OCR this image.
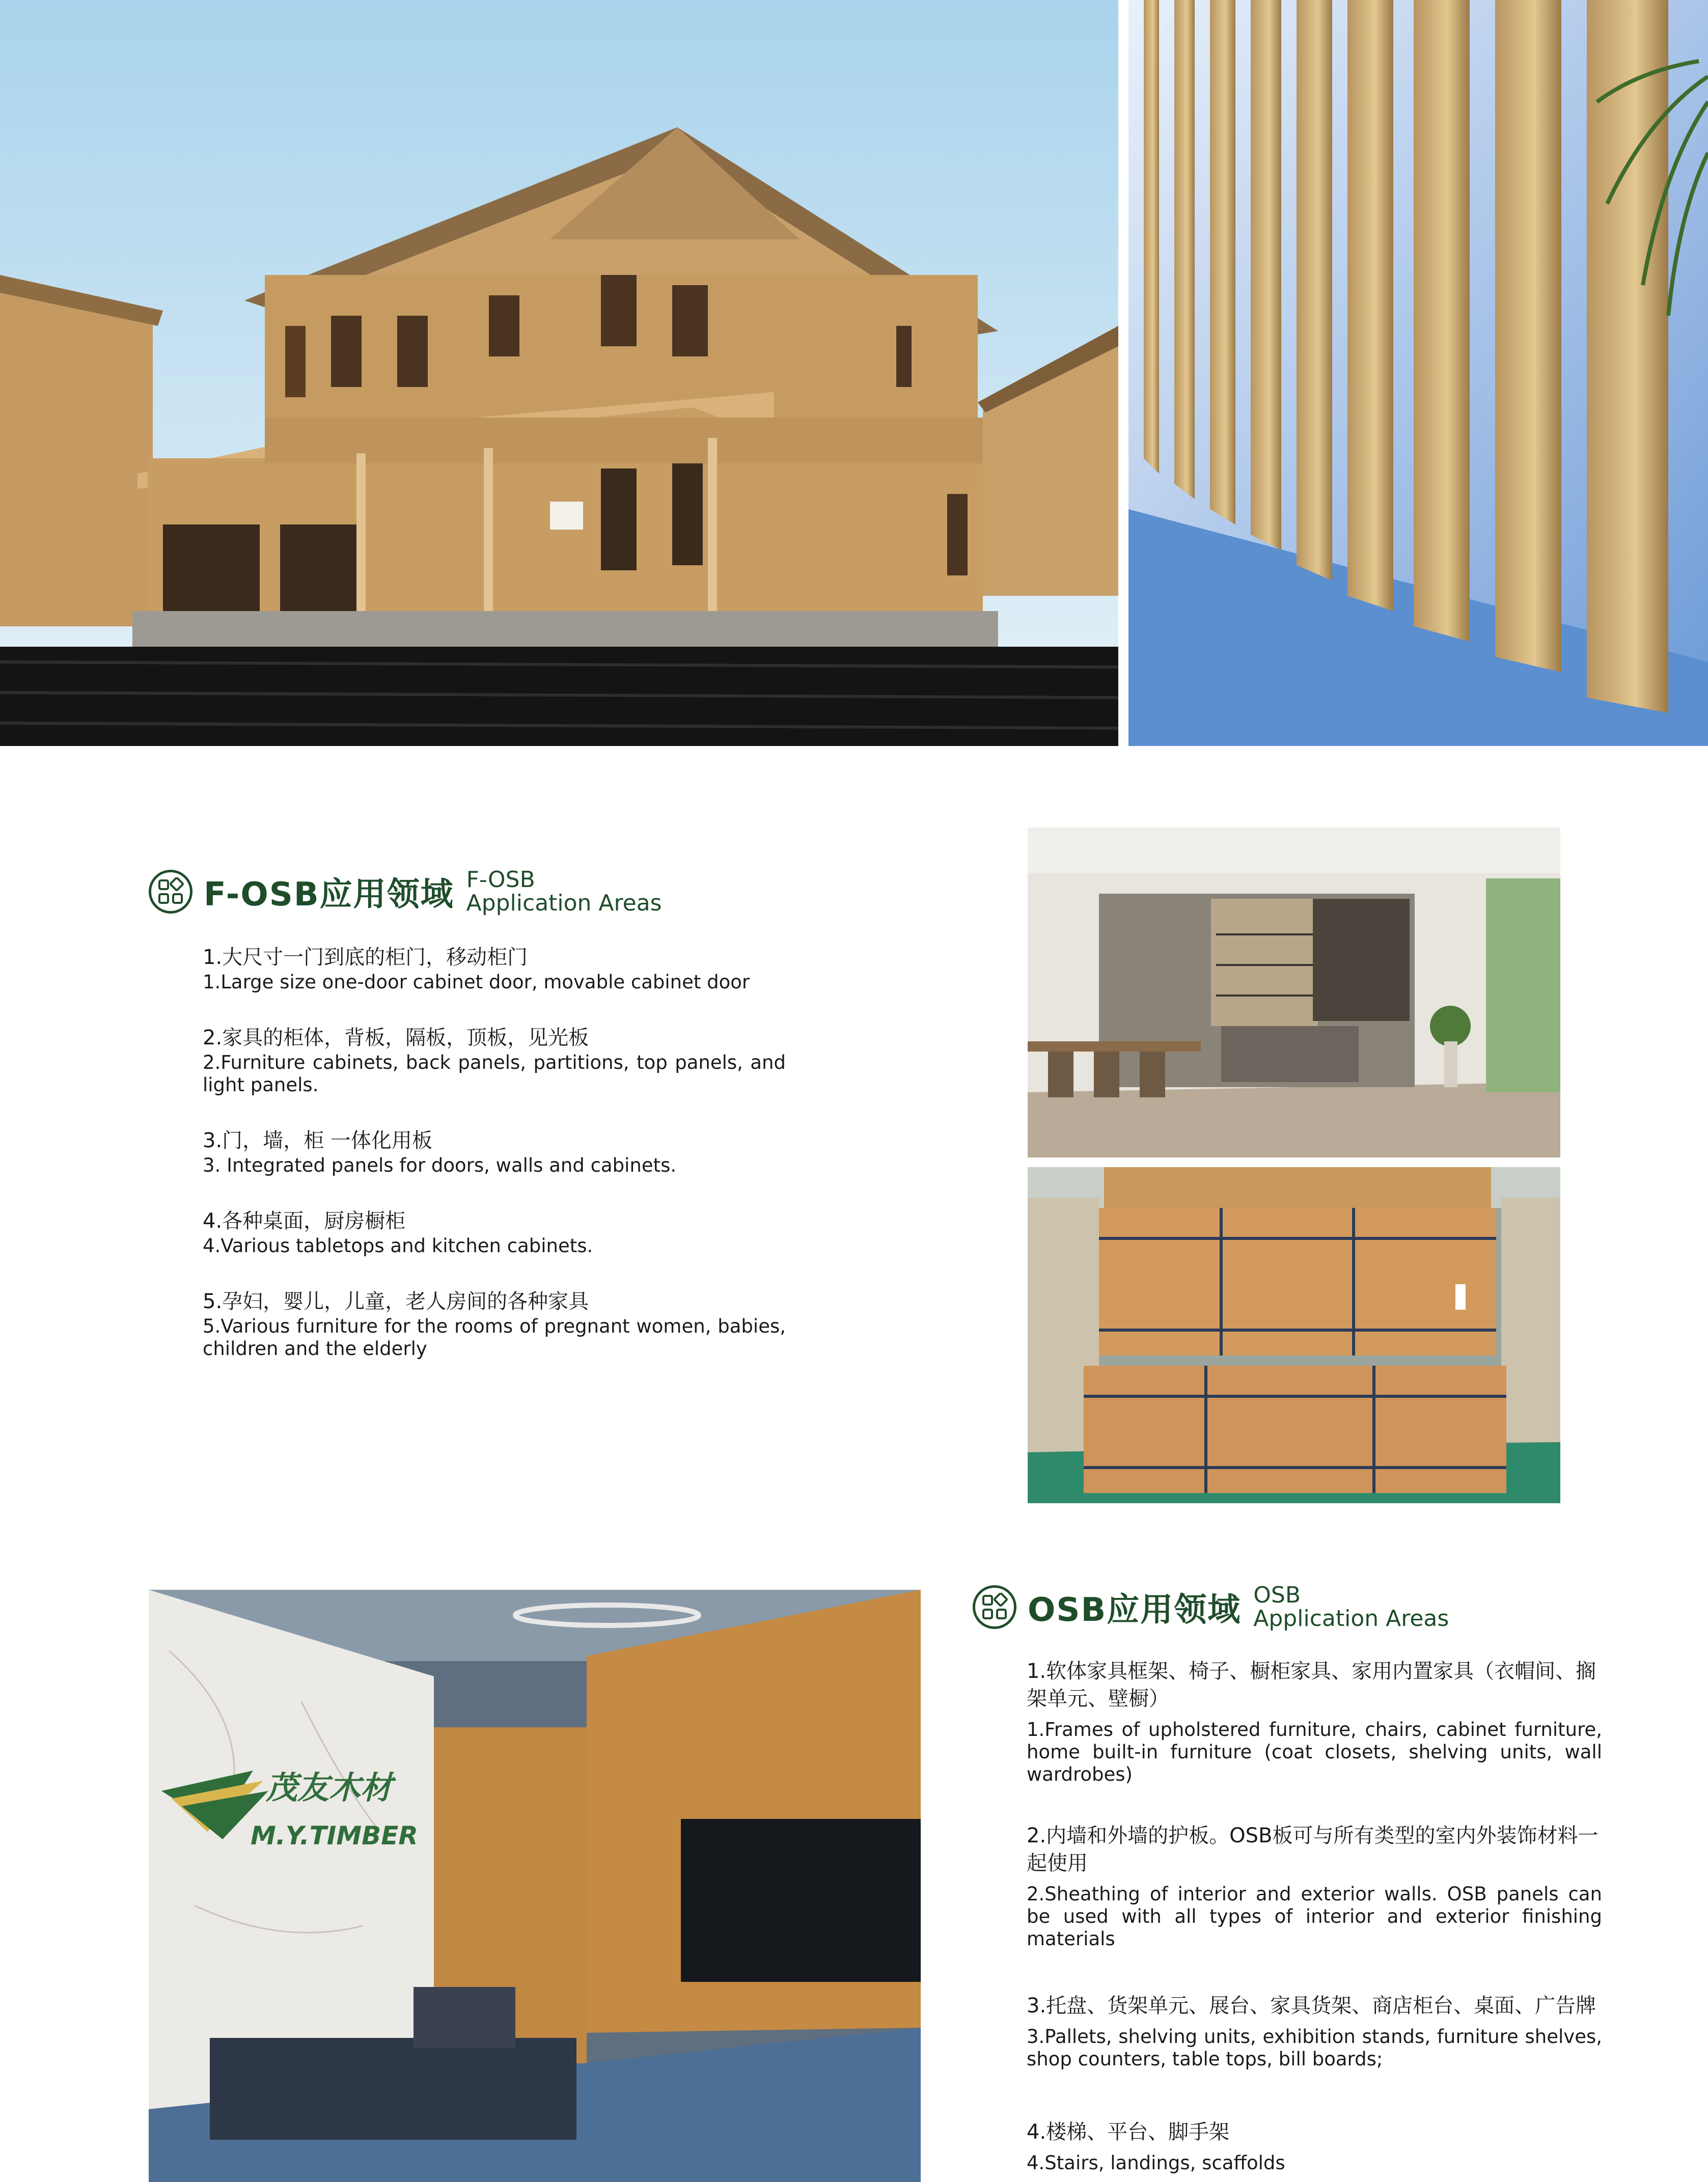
F-OSB应用领域 F-OSB
Application Areas
1.大尺寸一门到底的柜门，移动柜门
1.Large size one-door cabinet door, movable cabinet door
2.家具的柜体，背板，隔板，顶板，见光板
2.Furniture cabinets, back panels, partitions, top panels, and light panels.
3.门，墙，柜 一体化用板
3. Integrated panels for doors, walls and cabinets.
4.各种桌面，厨房橱柜
4.Various tabletops and kitchen cabinets.
5.孕妇，婴儿，儿童，老人房间的各种家具
5.Various furniture for the rooms of pregnant women, babies, children and the elderly
茂友木材
M.Y.TIMBER
OSB应用领域 OSB
Application Areas
1.软体家具框架、椅子、橱柜家具、家用内置家具（衣帽间、搁架单元、壁橱）
1.Frames of upholstered furniture, chairs, cabinet furniture, home built-in furniture (coat closets, shelving units, wall wardrobes)
2.内墙和外墙的护板。OSB板可与所有类型的室内外装饰材料一起使用
2.Sheathing of interior and exterior walls. OSB panels can be used with all types of interior and exterior finishing materials
3.托盘、货架单元、展台、家具货架、商店柜台、桌面、广告牌
3.Pallets, shelving units, exhibition stands, furniture shelves, shop counters, table tops, bill boards;
4.楼梯、平台、脚手架
4.Stairs, landings, scaffolds
